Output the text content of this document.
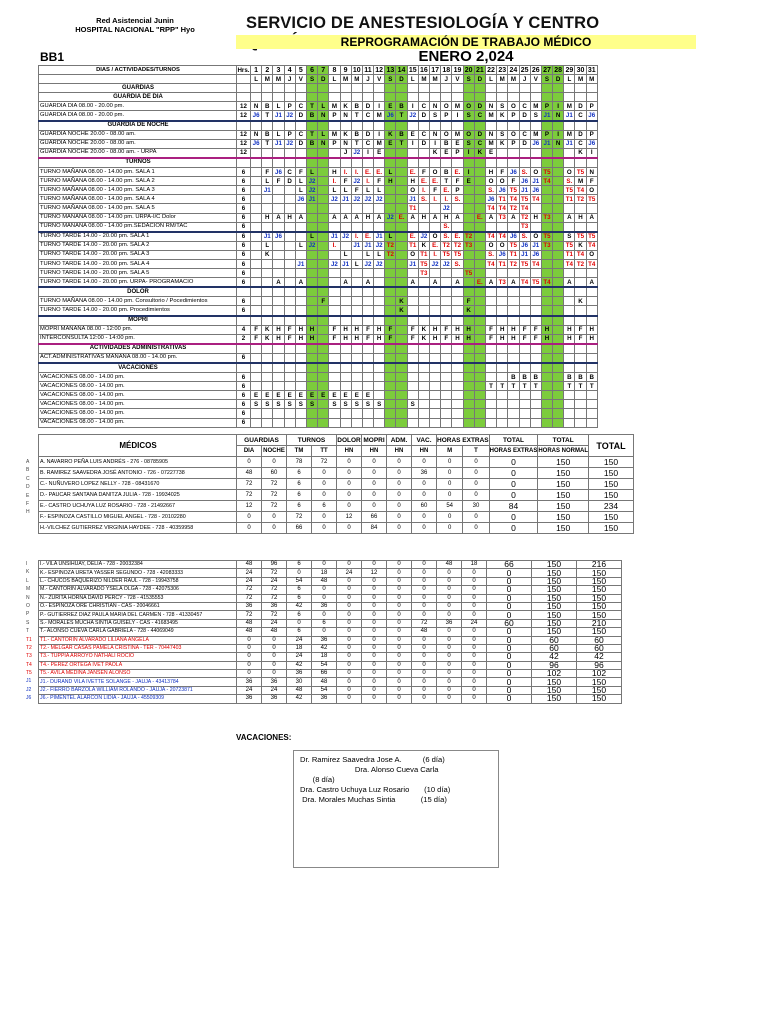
Red Asistencial Junin
HOSPITAL NACIONAL "RPP" Hyo	SERVICIO DE ANESTESIOLOGÍA Y CENTRO
REPROGRAMACIÓN DE TRABAJO MÉDICO
ENERO 2,024
BB1
DIAS / ACTIVIDADES/TURNOS	Hrs.	1	2	3	4	5	6	7	8	9	10	11	12	13	14	15	16	17	18	19	20	21	22	23	24	25	26	27	28	29	30	31
		L	M	M	J	V	S	D	L	M	M	J	V	S	D	L	M	M	J	V	S	D	L	M	M	J	V	S	D	L	M	M
GUARDIAS																																
GUARDIA DE DIA																																
GUARDIA DIA 08.00 - 20.00 pm.	12	N	B	L	P	C	T	L	M	K	B	D	I	E	B	I	C	N	O	M	O	D	N	S	O	C	M	P	I	M	D	P
GUARDIA DIA 08.00 - 20.00 pm.	12	J6	T	J1	J2	D	B	N	P	N	T	C	M	J6	T	J2	D	S	P	I	S	C	M	K	P	D	S	J1	N	J1	C	J6
GUARDIA DE NOCHE																																
GUARDIA NOCHE 20.00 - 08.00 am.	12	N	B	L	P	C	T	L	M	K	B	D	I	K	B	E	C	N	O	M	O	D	N	S	O	C	M	P	I	M	D	P
GUARDIA NOCHE 20.00 - 08.00 am.	12	J6	T	J1	J2	D	B	N	P	N	T	C	M	E	T	I	D	I	B	E	S	C	M	K	P	D	J6	J1	N	J1	C	J6
GUARDIA NOCHE 20.00 - 08.00 am. - URPA	12									J	J2	I	E					K	E	P	I	K	E								K	I
TURNOS																																
TURNO MAÑANA 08.00 - 14.00 pm. SALA 1	6		F	J6	C	F	L		H	I.	I.	E.	E.	L		E.	F	O	B	E.	I		H	F	J6	S.	O	T5		O	T5	N
TURNO MAÑANA 08.00 - 14.00 pm. SALA 2	6		L	F	D	L	J2		I.	F	J2	I.	F	H		H	E.	E.	T	F	E		O	O	F	J6	J1	T4		S.	M	F
TURNO MAÑANA 08.00 - 14.00 pm. SALA 3	6		J1			L	J2		L	L	F	L	L			O	I.	F	E.	P			S.	J6	T5	J1	J6			T5	T4	O
TURNO MAÑANA 08.00 - 14.00 pm. SALA 4	6					J6	J1		J2	J1	J2	J2	J2			J1	S.	I.	I.	S.			J6	T1	T4	T5	T4			T1	T2	T5
TURNO MAÑANA 08.00 - 14.00 pm. SALA 5	6															T1			J2				T4	T4	T2	T4						
TURNO MAÑANA 08.00 - 14.00 pm. URPA-I/C Dolor	6		H	A	H	A			A	A	A	H	A	J2	E.	A	H	A	H	A		E.	A	T3	A	T2	H	T3		A	H	A
TURNO MAÑANA 08.00 - 14.00 pm.SEDACION RM/TAC	6																		S.							T3						
TURNO TARDE 14.00 - 20.00 pm. SALA 1	6		J1	J6			L		J1	J2	I.	E.	J1	L		E.	J2	O	S.	E.	T2		T4	T4	J6	S.	O	T5		S	T5	T5
TURNO TARDE 14.00 - 20.00 pm. SALA 2	6		L			L	J2		I.		J1	J1	J2	T2		T1	K	E.	T2	T2	T3		O	O	T5	J6	J1	T3		T5	K	T4
TURNO TARDE 14.00 - 20.00 pm. SALA 3	6		K							L		L	L	T2		O	T1	I.	T5	T5			S.	J6	T1	J1	J6			T1	T4	O
TURNO TARDE 14.00 - 20.00 pm. SALA 4	6					J1			J2	J1	L	J2	J2			J1	T5	J2	J2	S.			T4	T1	T2	T5	T4			T4	T2	T4
TURNO TARDE 14.00 - 20.00 pm. SALA 5	6																T3				T5											
TURNO TARDE 14.00 - 20.00 pm. URPA- PROGRAMACIO	6			A		A				A		A				A		A		A		E.	A	T3	A	T4	T5	T4		A		A
DOLOR																																
TURNO MAÑANA 08.00 - 14.00 pm. Consultorio / Pocedimientos	6							F							K						F										K	
TURNO TARDE 14.00 - 20.00 pm. Procedimientos	6														K						K											
MOPRI																																
MOPRI MAÑANA 08.00 - 12:00 pm.	4	F	K	H	F	H	H		F	H	H	F	H	F		F	K	H	F	H	H		F	H	H	F	F	H		H	F	H
INTERCONSULTA 12:00 - 14:00 pm.	2	F	K	H	F	H	H		F	H	H	F	H	F		F	K	H	F	H	H		F	H	H	F	F	H		H	F	H
ACTIVIDADES ADMINISTRATIVAS																																
ACT.ADMINISTRATIVAS MAÑANA 08.00 - 14.00 pm.	6																															
VACACIONES																																
VACACIONES 08.00 - 14.00 pm.	6																								B	B	B			B	B	B
VACACIONES 08.00 - 14.00 pm.	6																						T	T	T	T	T			T	T	T
VACACIONES 08.00 - 14.00 pm.	6	E	E	E	E	E	E	E	E	E	E	E																				
VACACIONES 08.00 - 14.00 pm.	6	S	S	S	S	S	S		S	S	S	S	S			S																
VACACIONES 08.00 - 14.00 pm.	6																															
VACACIONES 08.00 - 14.00 pm.	6																															
MÉDICOS	GUARDIAS		TURNOS		DOLOR	MOPRI	ADM.	VAC.	HORAS EXTRAS		TOTAL	TOTAL	TOTAL
	DIA	NOCHE	TM	TT	HN	HN	HN	HN	M	T	HORAS EXTRAS	HORAS NORMAL	
A. NAVARRO PEÑA LUIS ANDRÉS - 276 - 08785905	0	0	78	72	0	0	0	0	0	0	0	150	150
B. RAMIREZ SAAVEDRA JOSÉ ANTONIO - 726 - 07227738	48	60	6	0	0	0	0	36	0	0	0	150	150
C.- NUÑUVERO LOPEZ NELLY - 728 - 08431670	72	72	6	0	0	0	0	0	0	0	0	150	150
D.- PAUCAR SANTANA DANITZA JULIA - 728 - 19934025	72	72	6	0	0	0	0	0	0	0	0	150	150
E.- CASTRO UCHUYA LUZ ROSARIO - 728 - 21492667	12	72	6	6	0	0	0	60	54	30	84	150	234
F.- ESPINOZA CASTILLO MIGUEL ANGEL - 728 - 20102280	0	0	72	0	12	66	0	0	0	0	0	150	150
H.-VILCHEZ GUTIERREZ VIRGINIA HAYDEE - 728 - 40359958	0	0	66	0	0	84	0	0	0	0	0	150	150
A
B
C
D
E
F
H
I.- VILA UNSIHUAY, DELIA - 728 - 20032384	48	96	6	0	0	0	0	0	48	18	66	150	216
K.- ESPINOZA URETA YASSER SEGUNDO - 728 - 42083333	24	72	0	18	24	12	0	0	0	0	0	150	150
L.- CHUCOS BAQUERIZO NILDER RAUL - 728 - 19943758	24	24	54	48	0	0	0	0	0	0	0	150	150
M.- CANTORIN ALVARADO YSELA OLGA - 728 - 42075306	72	72	6	0	0	0	0	0	0	0	0	150	150
N.- ZURITA HORNA DAVID PERCY - 728 - 41535553	72	72	6	0	0	0	0	0	0	0	0	150	150
O.- ESPINOZA ORE CHRISTIAN - CAS - 20046661	36	36	42	36	0	0	0	0	0	0	0	150	150
P.- GUTIERREZ DIAZ PAULA MARIA DEL CARMEN - 728 - 41330457	72	72	6	0	0	0	0	0	0	0	0	150	150
S.- MORALES MUCHA SINTIA GUISELY - CAS - 41683495	48	24	0	6	0	0	0	72	36	24	60	150	210
T.- ALONSO CUEVA CARLA GABRIELA - 728 - 44069049	48	48	6	0	0	0	0	48	0	0	0	150	150
T1.- CANTORIN ALVARADO LILIANA ANGELA	0	0	24	36	0	0	0	0	0	0	0	60	60
T2.- MELGAR CASAS PAMELA CRISTINA - TER - 70447403	0	0	18	42	0	0	0	0	0	0	0	60	60
T3.- TUPPIA ARROYO NATHALI ROCIO	0	0	24	18	0	0	0	0	0	0	0	42	42
T4.- PEREZ ORTEGA IVET PAOLA	0	0	42	54	0	0	0	0	0	0	0	96	96
T5.- AVILA MEDINA JANSEN ALONSO	0	0	36	66	0	0	0	0	0	0	0	102	102
J1.- DURAND VILA IVETTE SOLANGE - JAUJA - 43413784	36	36	30	48	0	0	0	0	0	0	0	150	150
J2.- FIERRO BARZOLA WILLIAM ROLANDO - JAUJA - 20723871	24	24	48	54	0	0	0	0	0	0	0	150	150
J6.- PIMENTEL ALARCON LIDIA - JAUJA - 45509309	36	36	42	36	0	0	0	0	0	0	0	150	150
I
K
L
M
N
O
P
S
T
T1
T2
T3
T4
T5
J1
J2
J6
VACACIONES:
Dr. Ramirez Saavedra Jose A.          (6 día)
Dra. Alonso Cueva Carla
(8 día)
Dra. Castro Uchuya Luz Rosario       (10 día)
Dra. Morales Muchas Sintia            (15 día)
